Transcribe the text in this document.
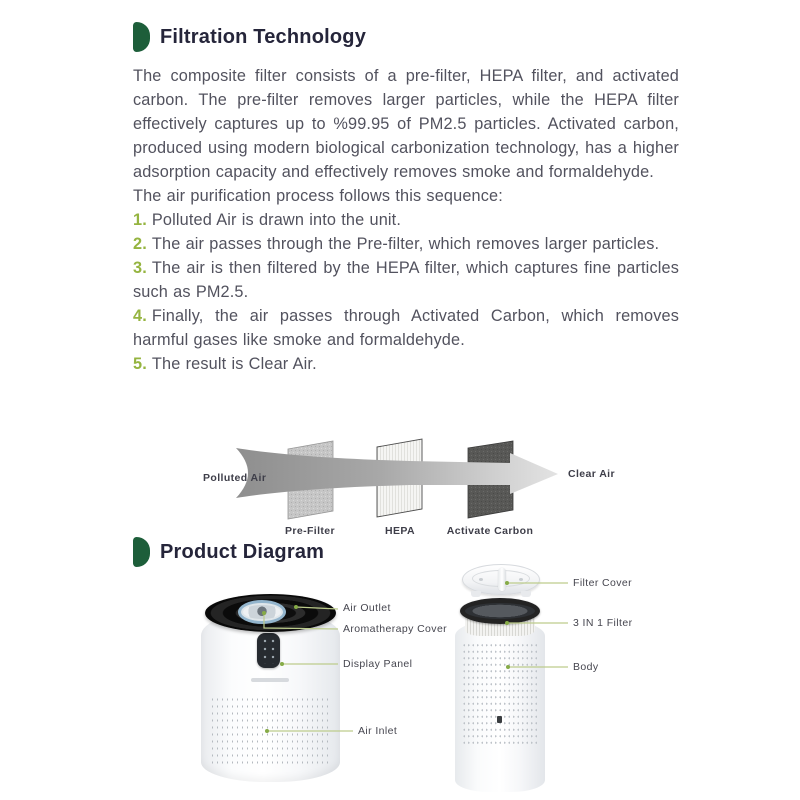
Filtration Technology
The composite filter consists of a pre-filter, HEPA filter, and activated carbon. The pre-filter removes larger particles, while the HEPA filter effectively captures up to %99.95 of PM2.5 particles. Activated carbon, produced using modern biological carbonization technology, has a higher adsorption capacity and effectively removes smoke and formaldehyde.
The air purification process follows this sequence:
1. Polluted Air is drawn into the unit.
2. The air passes through the Pre-filter, which removes larger particles.
3. The air is then filtered by the HEPA filter, which captures fine particles such as PM2.5.
4. Finally, the air passes through Activated Carbon, which removes harmful gases like smoke and formaldehyde.
5. The result is Clear Air.
Polluted Air	Clear Air
Pre-Filter	HEPA	Activate Carbon
Product Diagram
Air Outlet
Aromatherapy Cover
Display Panel
Air Inlet
Filter Cover
3 IN 1 Filter
Body
